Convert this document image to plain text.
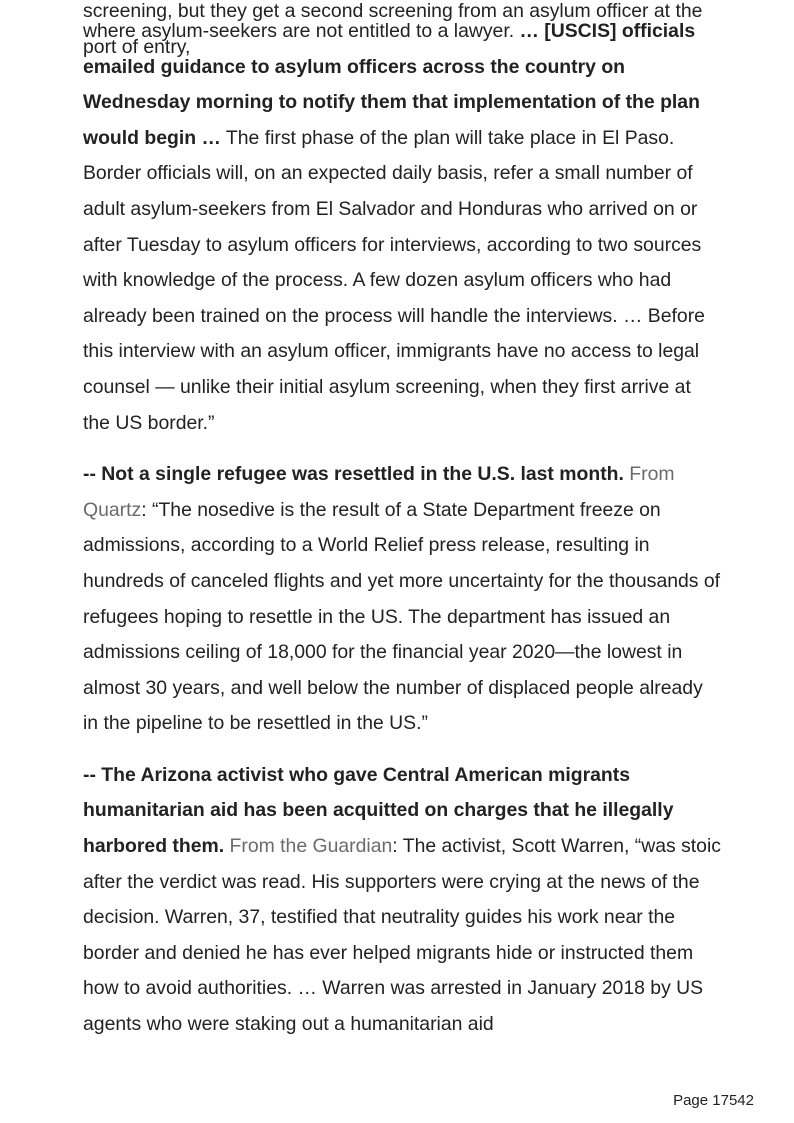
screening, but they get a second screening from an asylum officer at the port of entry,

where asylum-seekers are not entitled to a lawyer. … [USCIS] officials emailed guidance to asylum officers across the country on Wednesday morning to notify them that implementation of the plan would begin … The first phase of the plan will take place in El Paso. Border officials will, on an expected daily basis, refer a small number of adult asylum-seekers from El Salvador and Honduras who arrived on or after Tuesday to asylum officers for interviews, according to two sources with knowledge of the process. A few dozen asylum officers who had already been trained on the process will handle the interviews. … Before this interview with an asylum officer, immigrants have no access to legal counsel — unlike their initial asylum screening, when they first arrive at the US border.”

-- Not a single refugee was resettled in the U.S. last month. From Quartz: “The nosedive is the result of a State Department freeze on admissions, according to a World Relief press release, resulting in hundreds of canceled flights and yet more uncertainty for the thousands of refugees hoping to resettle in the US. The department has issued an admissions ceiling of 18,000 for the financial year 2020—the lowest in almost 30 years, and well below the number of displaced people already in the pipeline to be resettled in the US.”

-- The Arizona activist who gave Central American migrants humanitarian aid has been acquitted on charges that he illegally harbored them. From the Guardian: The activist, Scott Warren, “was stoic after the verdict was read. His supporters were crying at the news of the decision. Warren, 37, testified that neutrality guides his work near the border and denied he has ever helped migrants hide or instructed them how to avoid authorities. … Warren was arrested in January 2018 by US agents who were staking out a humanitarian aid

Page 17542
